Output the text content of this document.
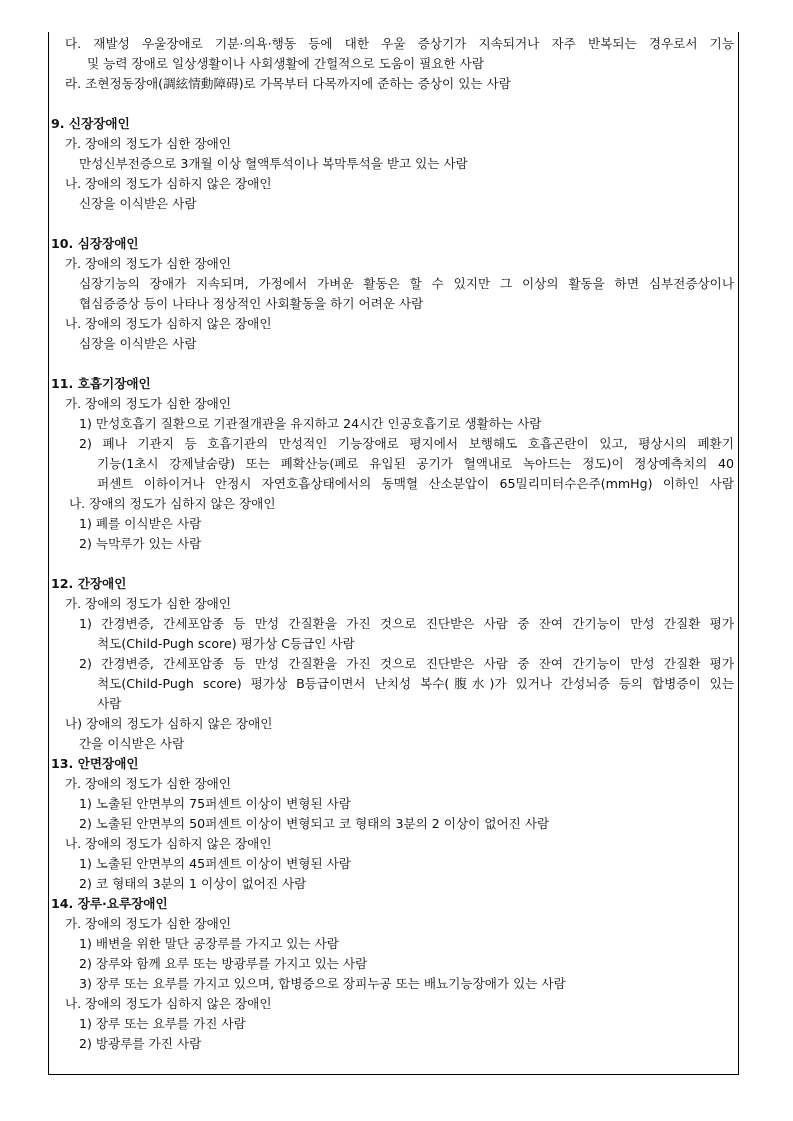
다. 재발성 우울장애로 기분·의욕·행동 등에 대한 우울 증상기가 지속되거나 자주 반복되는 경우로서 기능
및 능력 장애로 일상생활이나 사회생활에 간헐적으로 도움이 필요한 사람
라. 조현정동장애(調絃情動障碍)로 가목부터 다목까지에 준하는 증상이 있는 사람
9. 신장장애인
가. 장애의 정도가 심한 장애인
만성신부전증으로 3개월 이상 혈액투석이나 복막투석을 받고 있는 사람
나. 장애의 정도가 심하지 않은 장애인
신장을 이식받은 사람
10. 심장장애인
가. 장애의 정도가 심한 장애인
심장기능의 장애가 지속되며, 가정에서 가벼운 활동은 할 수 있지만 그 이상의 활동을 하면 심부전증상이나
협심증증상 등이 나타나 정상적인 사회활동을 하기 어려운 사람
나. 장애의 정도가 심하지 않은 장애인
심장을 이식받은 사람
11. 호흡기장애인
가. 장애의 정도가 심한 장애인
1) 만성호흡기 질환으로 기관절개관을 유지하고 24시간 인공호흡기로 생활하는 사람
2) 폐나 기관지 등 호흡기관의 만성적인 기능장애로 평지에서 보행해도 호흡곤란이 있고, 평상시의 폐환기
기능(1초시 강제날숨량) 또는 폐확산능(폐로 유입된 공기가 혈액내로 녹아드는 정도)이 정상예측치의 40
퍼센트 이하이거나 안정시 자연호흡상태에서의 동맥혈 산소분압이 65밀리미터수은주(mmHg) 이하인 사람
나. 장애의 정도가 심하지 않은 장애인
1) 폐를 이식받은 사람
2) 늑막루가 있는 사람
12. 간장애인
가. 장애의 정도가 심한 장애인
1) 간경변증, 간세포암종 등 만성 간질환을 가진 것으로 진단받은 사람 중 잔여 간기능이 만성 간질환 평가
척도(Child-Pugh score) 평가상 C등급인 사람
2) 간경변증, 간세포암종 등 만성 간질환을 가진 것으로 진단받은 사람 중 잔여 간기능이 만성 간질환 평가
척도(Child-Pugh score) 평가상 B등급이면서 난치성 복수(腹水)가 있거나 간성뇌증 등의 합병증이 있는
사람
나) 장애의 정도가 심하지 않은 장애인
간을 이식받은 사람
13. 안면장애인
가. 장애의 정도가 심한 장애인
1) 노출된 안면부의 75퍼센트 이상이 변형된 사람
2) 노출된 안면부의 50퍼센트 이상이 변형되고 코 형태의 3분의 2 이상이 없어진 사람
나. 장애의 정도가 심하지 않은 장애인
1) 노출된 안면부의 45퍼센트 이상이 변형된 사람
2) 코 형태의 3분의 1 이상이 없어진 사람
14. 장루·요루장애인
가. 장애의 정도가 심한 장애인
1) 배변을 위한 말단 공장루를 가지고 있는 사람
2) 장루와 함께 요루 또는 방광루를 가지고 있는 사람
3) 장루 또는 요루를 가지고 있으며, 합병증으로 장피누공 또는 배뇨기능장애가 있는 사람
나. 장애의 정도가 심하지 않은 장애인
1) 장루 또는 요루를 가진 사람
2) 방광루를 가진 사람
